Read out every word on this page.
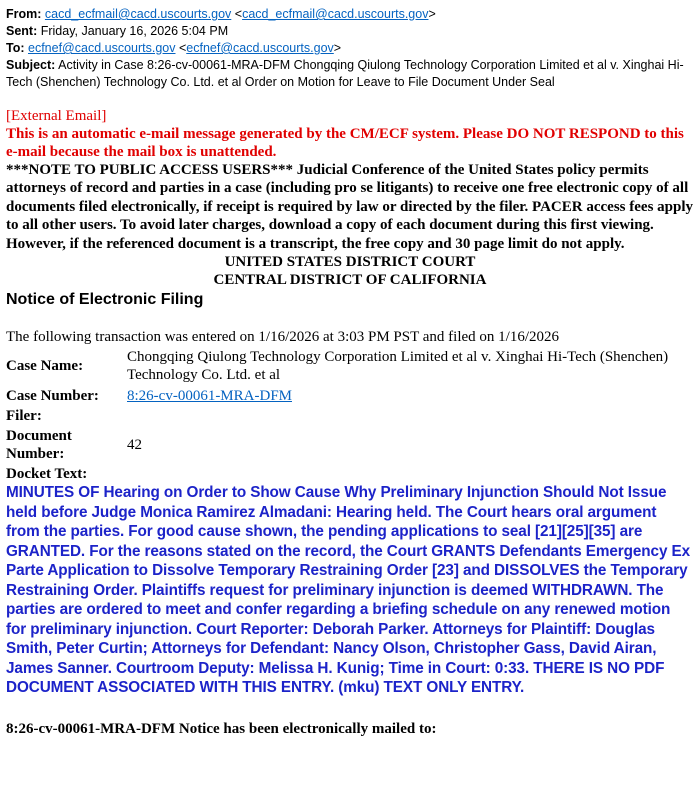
From: cacd_ecfmail@cacd.uscourts.gov <cacd_ecfmail@cacd.uscourts.gov>
Sent: Friday, January 16, 2026 5:04 PM
To: ecfnef@cacd.uscourts.gov <ecfnef@cacd.uscourts.gov>
Subject: Activity in Case 8:26-cv-00061-MRA-DFM Chongqing Qiulong Technology Corporation Limited et al v. Xinghai Hi-Tech (Shenchen) Technology Co. Ltd. et al Order on Motion for Leave to File Document Under Seal
[External Email]
This is an automatic e-mail message generated by the CM/ECF system. Please DO NOT RESPOND to this e-mail because the mail box is unattended.
***NOTE TO PUBLIC ACCESS USERS*** Judicial Conference of the United States policy permits attorneys of record and parties in a case (including pro se litigants) to receive one free electronic copy of all documents filed electronically, if receipt is required by law or directed by the filer. PACER access fees apply to all other users. To avoid later charges, download a copy of each document during this first viewing. However, if the referenced document is a transcript, the free copy and 30 page limit do not apply.
UNITED STATES DISTRICT COURT
CENTRAL DISTRICT OF CALIFORNIA
Notice of Electronic Filing
The following transaction was entered on 1/16/2026 at 3:03 PM PST and filed on 1/16/2026
Case Name:	Chongqing Qiulong Technology Corporation Limited et al v. Xinghai Hi-Tech (Shenchen) Technology Co. Ltd. et al
Case Number:	8:26-cv-00061-MRA-DFM
Filer:	
Document Number:	42
Docket Text:
MINUTES OF Hearing on Order to Show Cause Why Preliminary Injunction Should Not Issue held before Judge Monica Ramirez Almadani: Hearing held. The Court hears oral argument from the parties. For good cause shown, the pending applications to seal [21][25][35] are GRANTED. For the reasons stated on the record, the Court GRANTS Defendants Emergency Ex Parte Application to Dissolve Temporary Restraining Order [23] and DISSOLVES the Temporary Restraining Order. Plaintiffs request for preliminary injunction is deemed WITHDRAWN. The parties are ordered to meet and confer regarding a briefing schedule on any renewed motion for preliminary injunction. Court Reporter: Deborah Parker. Attorneys for Plaintiff: Douglas Smith, Peter Curtin; Attorneys for Defendant: Nancy Olson, Christopher Gass, David Airan, James Sanner. Courtroom Deputy: Melissa H. Kunig; Time in Court: 0:33. THERE IS NO PDF DOCUMENT ASSOCIATED WITH THIS ENTRY. (mku) TEXT ONLY ENTRY.
8:26-cv-00061-MRA-DFM Notice has been electronically mailed to:
